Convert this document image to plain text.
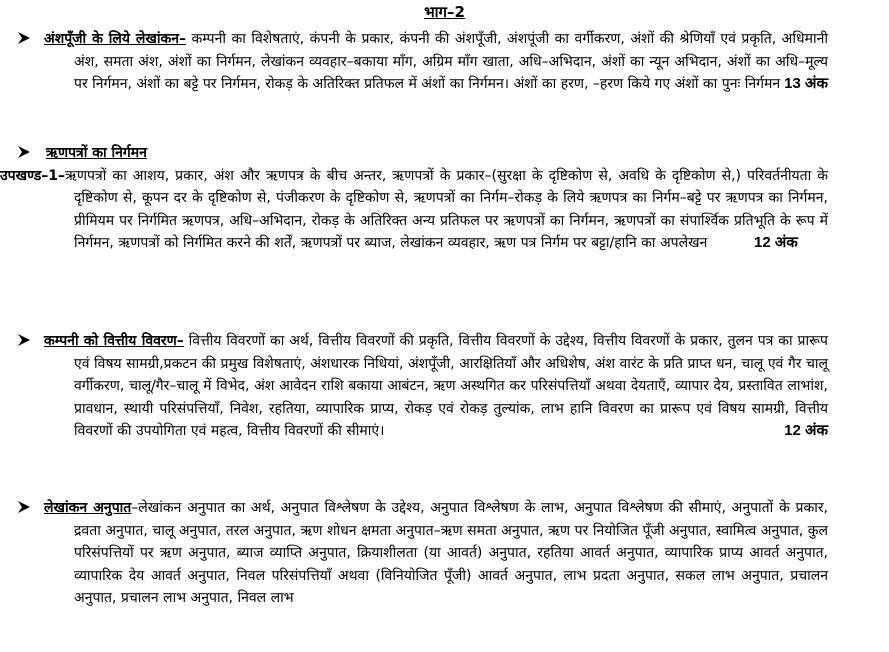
भाग–2

अंशपूँजी के लिये लेखांकन– कम्पनी का विशेषताएं, कंपनी के प्रकार, कंपनी की अंशपूँजी, अंशपूंजी का वर्गीकरण, अंशों की श्रेणियाँ एवं प्रकृति, अधिमानी अंश, समता अंश, अंशों का निर्गमन, लेखांकन व्यवहार–बकाया माँग, अग्रिम माँग खाता, अधि–अभिदान, अंशों का न्यून अभिदान, अंशों का अधि–मूल्य पर निर्गमन, अंशों का बट्टे पर निर्गमन, रोकड़ के अतिरिक्त प्रतिफल में अंशों का निर्गमन। अंशों का हरण, –हरण किये गए अंशों का पुनः निर्गमन 13 अंक

ऋणपत्रों का निर्गमन

उपखण्ड–1–ऋणपत्रों का आशय, प्रकार, अंश और ऋणपत्र के बीच अन्तर, ऋणपत्रों के प्रकार–(सुरक्षा के दृष्टिकोण से, अवधि के दृष्टिकोण से,) परिवर्तनीयता के दृष्टिकोण से, कूपन दर के दृष्टिकोण से, पंजीकरण के दृष्टिकोण से, ऋणपत्रों का निर्गम–रोकड़ के लिये ऋणपत्र का निर्गम–बट्टे पर ऋणपत्र का निर्गमन, प्रीमियम पर निर्गमित ऋणपत्र, अधि–अभिदान, रोकड़ के अतिरिक्त अन्य प्रतिफल पर ऋणपत्रों का निर्गमन, ऋणपत्रों का संपार्श्विक प्रतिभूति के रूप में निर्गमन, ऋणपत्रों को निर्गमित करने की शर्तें, ऋणपत्रों पर ब्याज, लेखांकन व्यवहार, ऋण पत्र निर्गम पर बट्टा/हानि का अपलेखन	12 अंक

कम्पनी को वित्तीय विवरण– वित्तीय विवरणों का अर्थ, वित्तीय विवरणों की प्रकृति, वित्तीय विवरणों के उद्देश्य, वित्तीय विवरणों के प्रकार, तुलन पत्र का प्रारूप एवं विषय सामग्री,प्रकटन की प्रमुख विशेषताएं, अंशधारक निधियां, अंशपूँजी, आरक्षितियाँ और अधिशेष, अंश वारंट के प्रति प्राप्त धन, चालू एवं गैर चालू वर्गीकरण, चालू/गैर–चालू में विभेद, अंश आवेदन राशि बकाया आबंटन, ऋण अस्थगित कर परिसंपत्तियाँ अथवा देयताएँ, व्यापार देय, प्रस्तावित लाभांश, प्रावधान, स्थायी परिसंपत्तियाँ, निवेश, रहतिया, व्यापारिक प्राप्य, रोकड़ एवं रोकड़ तुल्यांक, लाभ हानि विवरण का प्रारूप एवं विषय सामग्री, वित्तीय विवरणों की उपयोगिता एवं महत्व, वित्तीय विवरणों की सीमाएं।	12 अंक

लेखांकन अनुपात–लेखांकन अनुपात का अर्थ, अनुपात विश्लेषण के उद्देश्य, अनुपात विश्लेषण के लाभ, अनुपात विश्लेषण की सीमाएं, अनुपातों के प्रकार, द्रवता अनुपात, चालू अनुपात, तरल अनुपात, ऋण शोधन क्षमता अनुपात–ऋण समता अनुपात, ऋण पर नियोजित पूँजी अनुपात, स्वामित्व अनुपात, कुल परिसंपत्तियों पर ऋण अनुपात, ब्याज व्याप्ति अनुपात, क्रियाशीलता (या आवर्त) अनुपात, रहतिया आवर्त अनुपात, व्यापारिक प्राप्य आवर्त अनुपात, व्यापारिक देय आवर्त अनुपात, निवल परिसंपत्तियाँ अथवा (विनियोजित पूँजी) आवर्त अनुपात, लाभ प्रदता अनुपात, सकल लाभ अनुपात, प्रचालन अनुपात, प्रचालन लाभ अनुपात, निवल लाभ
